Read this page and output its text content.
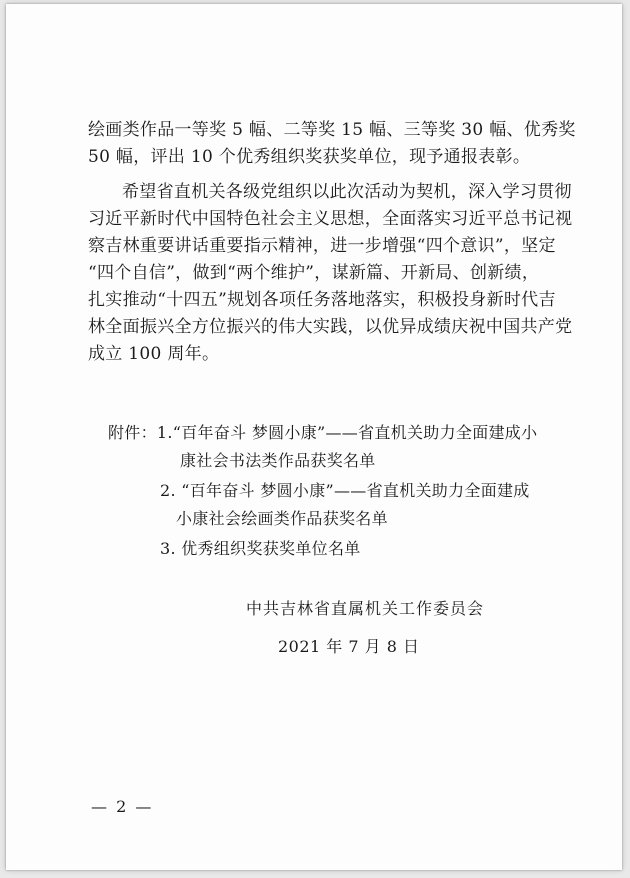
绘画类作品一等奖 5 幅、二等奖 15 幅、三等奖 30 幅、优秀奖
50 幅，评出 10 个优秀组织奖获奖单位，现予通报表彰。
希望省直机关各级党组织以此次活动为契机，深入学习贯彻
习近平新时代中国特色社会主义思想，全面落实习近平总书记视
察吉林重要讲话重要指示精神，进一步增强“四个意识”，坚定
“四个自信”，做到“两个维护”，谋新篇、开新局、创新绩，
扎实推动“十四五”规划各项任务落地落实，积极投身新时代吉
林全面振兴全方位振兴的伟大实践，以优异成绩庆祝中国共产党
成立 100 周年。
附件：1.“百年奋斗 梦圆小康”——省直机关助力全面建成小
康社会书法类作品获奖名单
2. “百年奋斗 梦圆小康”——省直机关助力全面建成
小康社会绘画类作品获奖名单
3. 优秀组织奖获奖单位名单
中共吉林省直属机关工作委员会
2021 年 7 月 8 日
— 2 —
